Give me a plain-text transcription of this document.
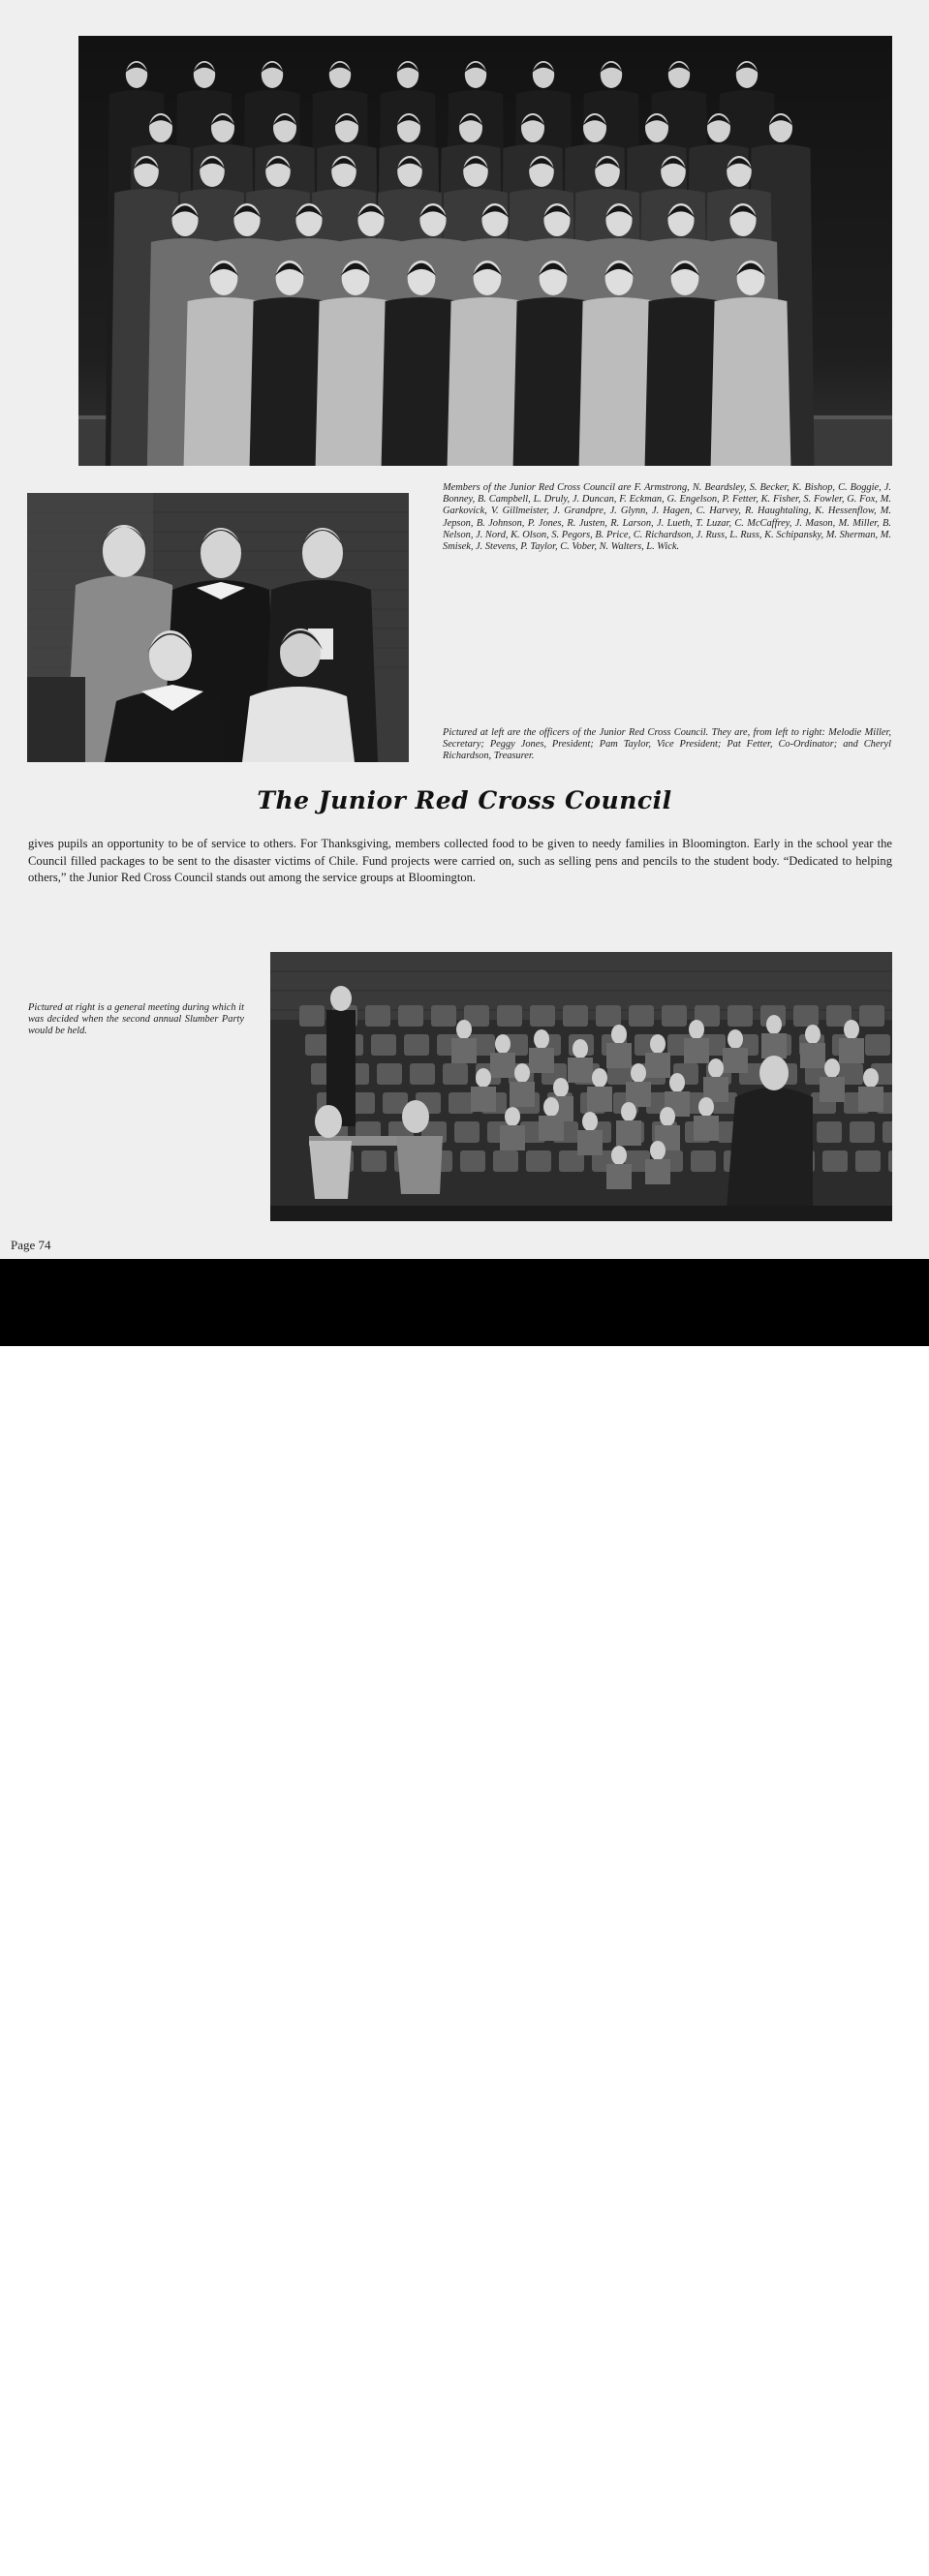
Members of the Junior Red Cross Council are F. Armstrong, N. Beardsley, S. Becker, K. Bishop, C. Boggie, J. Bonney, B. Campbell, L. Druly, J. Duncan, F. Eckman, G. Engelson, P. Fetter, K. Fisher, S. Fowler, G. Fox, M. Garkovick, V. Gillmeister, J. Grandpre, J. Glynn, J. Hagen, C. Harvey, R. Haughtaling, K. Hessenflow, M. Jepson, B. Johnson, P. Jones, R. Justen, R. Larson, J. Lueth, T. Luzar, C. McCaffrey, J. Mason, M. Miller, B. Nelson, J. Nord, K. Olson, S. Pegors, B. Price, C. Richardson, J. Russ, L. Russ, K. Schipansky, M. Sherman, M. Smisek, J. Stevens, P. Taylor, C. Vober, N. Walters, L. Wick.
Pictured at left are the officers of the Junior Red Cross Council. They are, from left to right: Melodie Miller, Secretary; Peggy Jones, President; Pam Taylor, Vice President; Pat Fetter, Co-Ordinator; and Cheryl Richardson, Treasurer.
The Junior Red Cross Council

gives pupils an opportunity to be of service to others. For Thanksgiving, members collected food to be given to needy families in Bloomington. Early in the school year the Council filled packages to be sent to the disaster victims of Chile. Fund projects were carried on, such as selling pens and pencils to the student body. “Dedicated to helping others,” the Junior Red Cross Council stands out among the service groups at Bloomington.

Pictured at right is a general meeting during which it was decided when the second annual Slumber Party would be held.
Page 74
alamy	Image ID: 3AR2966
www.alamy.com
